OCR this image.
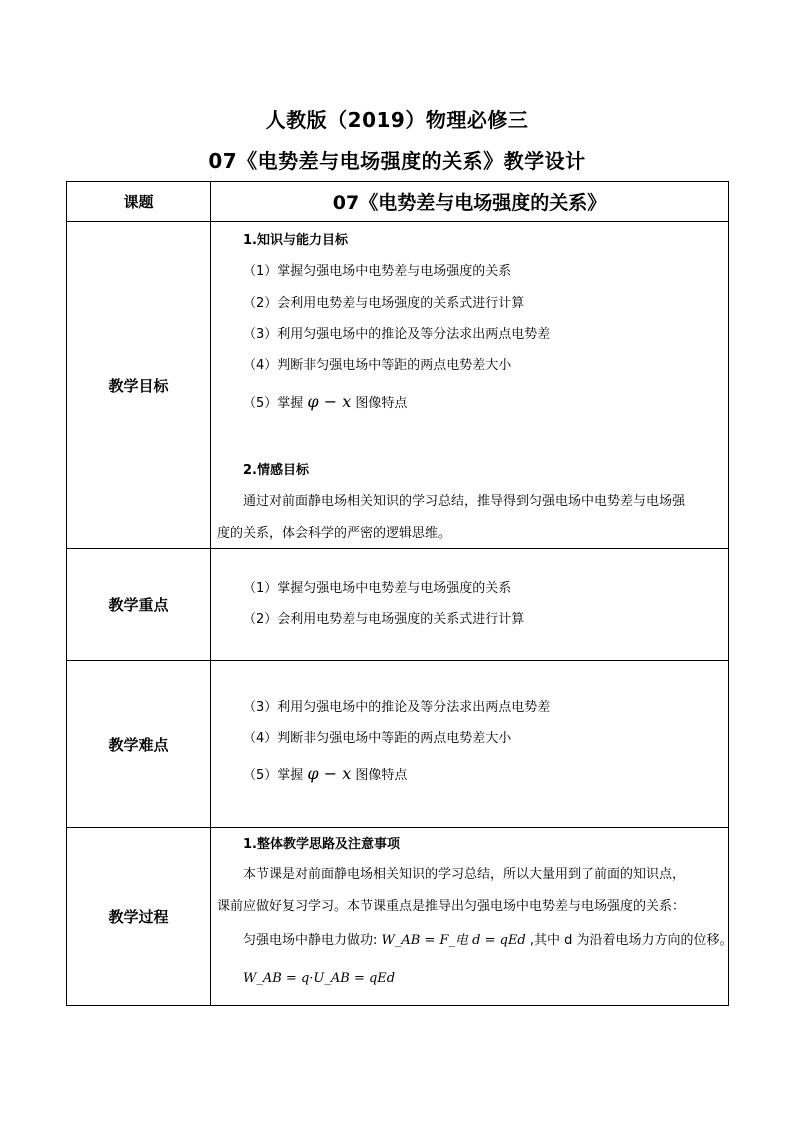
人教版（2019）物理必修三
07《电势差与电场强度的关系》教学设计
课题	07《电势差与电场强度的关系》
教学目标
1.知识与能力目标
（1）掌握匀强电场中电势差与电场强度的关系
（2）会利用电势差与电场强度的关系式进行计算
（3）利用匀强电场中的推论及等分法求出两点电势差
（4）判断非匀强电场中等距的两点电势差大小
（5）掌握 φ − x 图像特点
2.情感目标
通过对前面静电场相关知识的学习总结，推导得到匀强电场中电势差与电场强
度的关系，体会科学的严密的逻辑思维。
教学重点
（1）掌握匀强电场中电势差与电场强度的关系
（2）会利用电势差与电场强度的关系式进行计算
教学难点
（3）利用匀强电场中的推论及等分法求出两点电势差
（4）判断非匀强电场中等距的两点电势差大小
（5）掌握 φ − x 图像特点
教学过程
1.整体教学思路及注意事项
本节课是对前面静电场相关知识的学习总结，所以大量用到了前面的知识点，
课前应做好复习学习。本节课重点是推导出匀强电场中电势差与电场强度的关系：
匀强电场中静电力做功: W_AB = F_电 d = qEd ,其中 d 为沿着电场力方向的位移。
W_AB = q·U_AB = qEd
